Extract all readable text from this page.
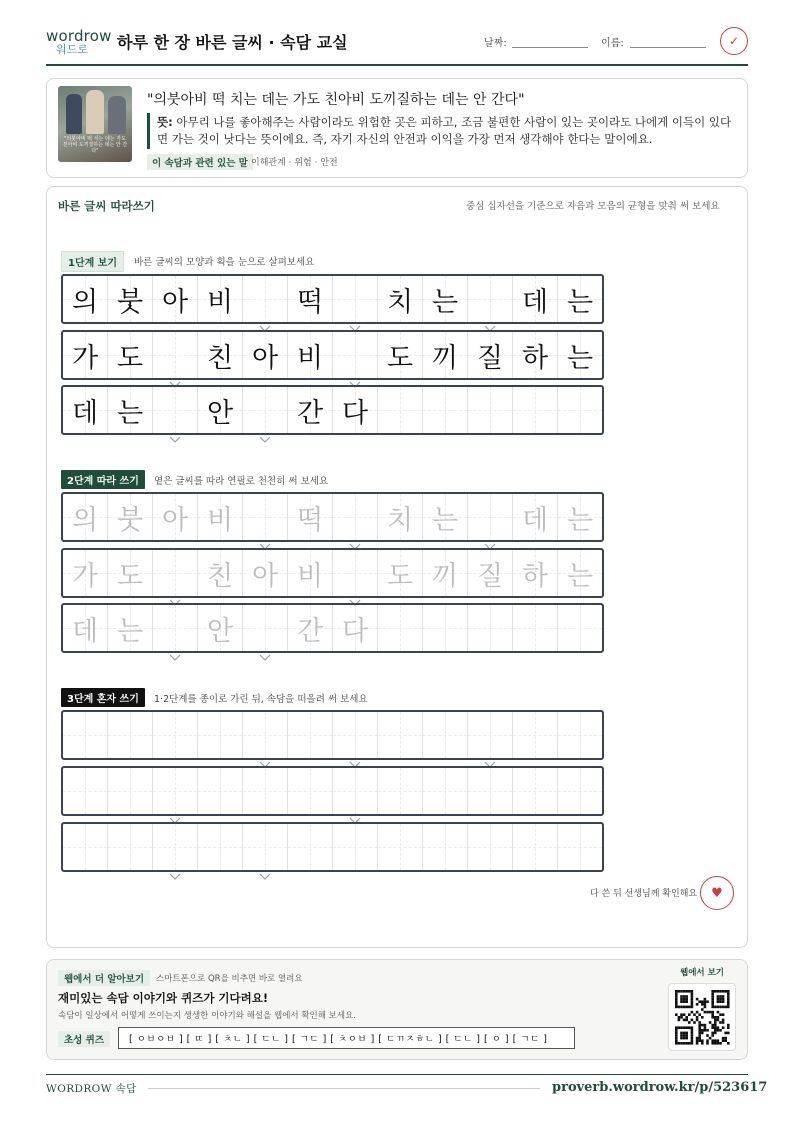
wordrow
워드로	하루 한 장 바른 글씨 · 속담 교실	날짜:	이름:	✓
"의붓아비 떡 치는 데는 가도 친아비 도끼질하는 데는 안 간다"
"의붓아비 떡 치는 데는 가도 친아비 도끼질하는 데는 안 간다"
뜻: 아무리 나를 좋아해주는 사람이라도 위험한 곳은 피하고, 조금 불편한 사람이 있는 곳이라도 나에게 이득이 있다면 가는 것이 낫다는 뜻이에요. 즉, 자기 자신의 안전과 이익을 가장 먼저 생각해야 한다는 말이에요.
이 속담과 관련 있는 말 이해관계 · 위험 · 안전
바른 글씨 따라쓰기	중심 십자선을 기준으로 자음과 모음의 균형을 맞춰 써 보세요
1단계 보기	바른 글씨의 모양과 획을 눈으로 살펴보세요
2단계 따라 쓰기	옅은 글씨를 따라 연필로 천천히 써 보세요
3단계 혼자 쓰기	1·2단계를 종이로 가린 뒤, 속담을 떠올려 써 보세요
의 붓 아 비 떡 치 는 데 는
가 도 친 아 비 도 끼 질 하 는
데 는 안 간 다
의 붓 아 비 떡 치 는 데 는
가 도 친 아 비 도 끼 질 하 는
데 는 안 간 다
다 쓴 뒤 선생님께 확인해요	♥
웹에서 더 알아보기	스마트폰으로 QR을 비추면 바로 열려요
재미있는 속담 이야기와 퀴즈가 기다려요!
속담이 일상에서 어떻게 쓰이는지 생생한 이야기와 해설을 웹에서 확인해 보세요.
초성 퀴즈	[ ㅇㅂㅇㅂ ] [ ㄸ ] [ ㅊㄴ ] [ ㄷㄴ ] [ ㄱㄷ ] [ ㅊㅇㅂ ] [ ㄷㄲㅈㅎㄴ ] [ ㄷㄴ ] [ ㅇ ] [ ㄱㄷ ]
웹에서 보기
WORDROW 속담	proverb.wordrow.kr/p/523617
